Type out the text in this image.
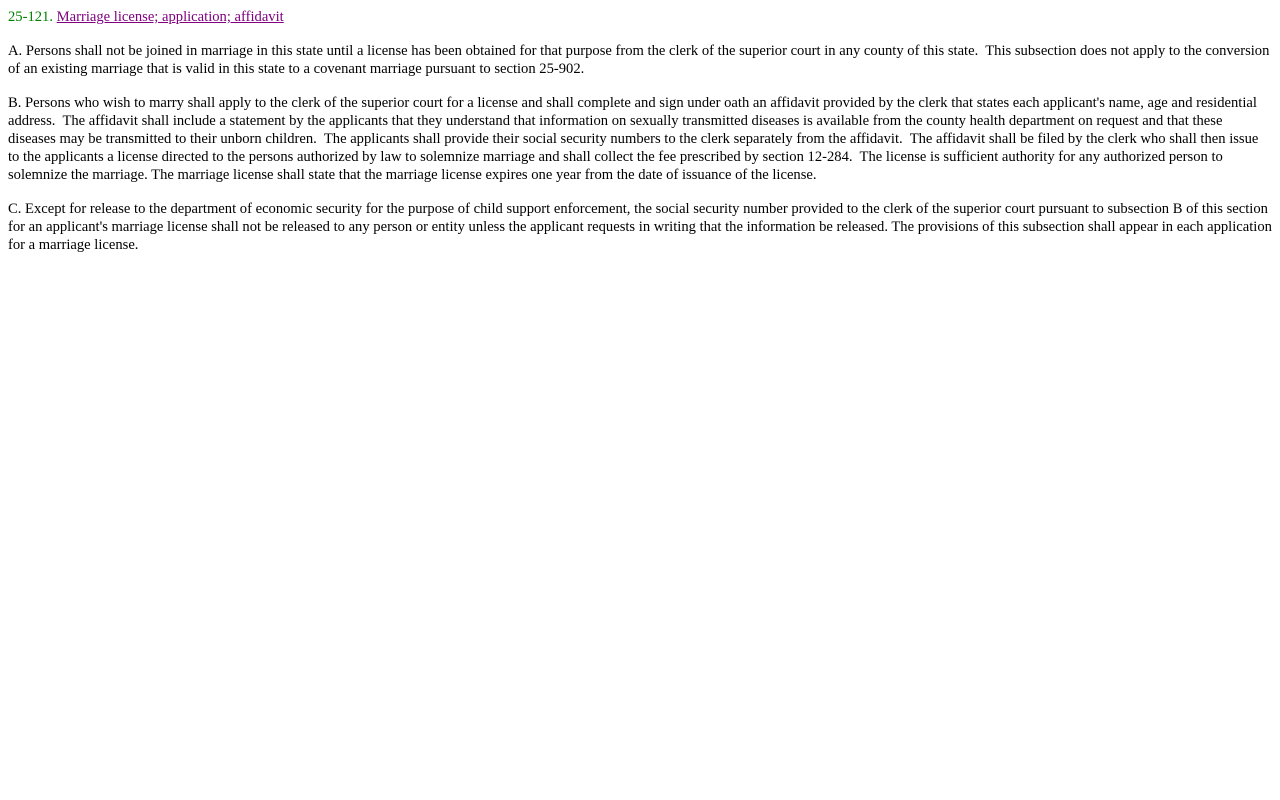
25-121. Marriage license; application; affidavit

A. Persons shall not be joined in marriage in this state until a license has been obtained for that purpose from the clerk of the superior court in any county of this state.  This subsection does not apply to the conversion of an existing marriage that is valid in this state to a covenant marriage pursuant to section 25-902.

B. Persons who wish to marry shall apply to the clerk of the superior court for a license and shall complete and sign under oath an affidavit provided by the clerk that states each applicant's name, age and residential address.  The affidavit shall include a statement by the applicants that they understand that information on sexually transmitted diseases is available from the county health department on request and that these diseases may be transmitted to their unborn children.  The applicants shall provide their social security numbers to the clerk separately from the affidavit.  The affidavit shall be filed by the clerk who shall then issue to the applicants a license directed to the persons authorized by law to solemnize marriage and shall collect the fee prescribed by section 12-284.  The license is sufficient authority for any authorized person to solemnize the marriage. The marriage license shall state that the marriage license expires one year from the date of issuance of the license.

C. Except for release to the department of economic security for the purpose of child support enforcement, the social security number provided to the clerk of the superior court pursuant to subsection B of this section for an applicant's marriage license shall not be released to any person or entity unless the applicant requests in writing that the information be released. The provisions of this subsection shall appear in each application for a marriage license.
